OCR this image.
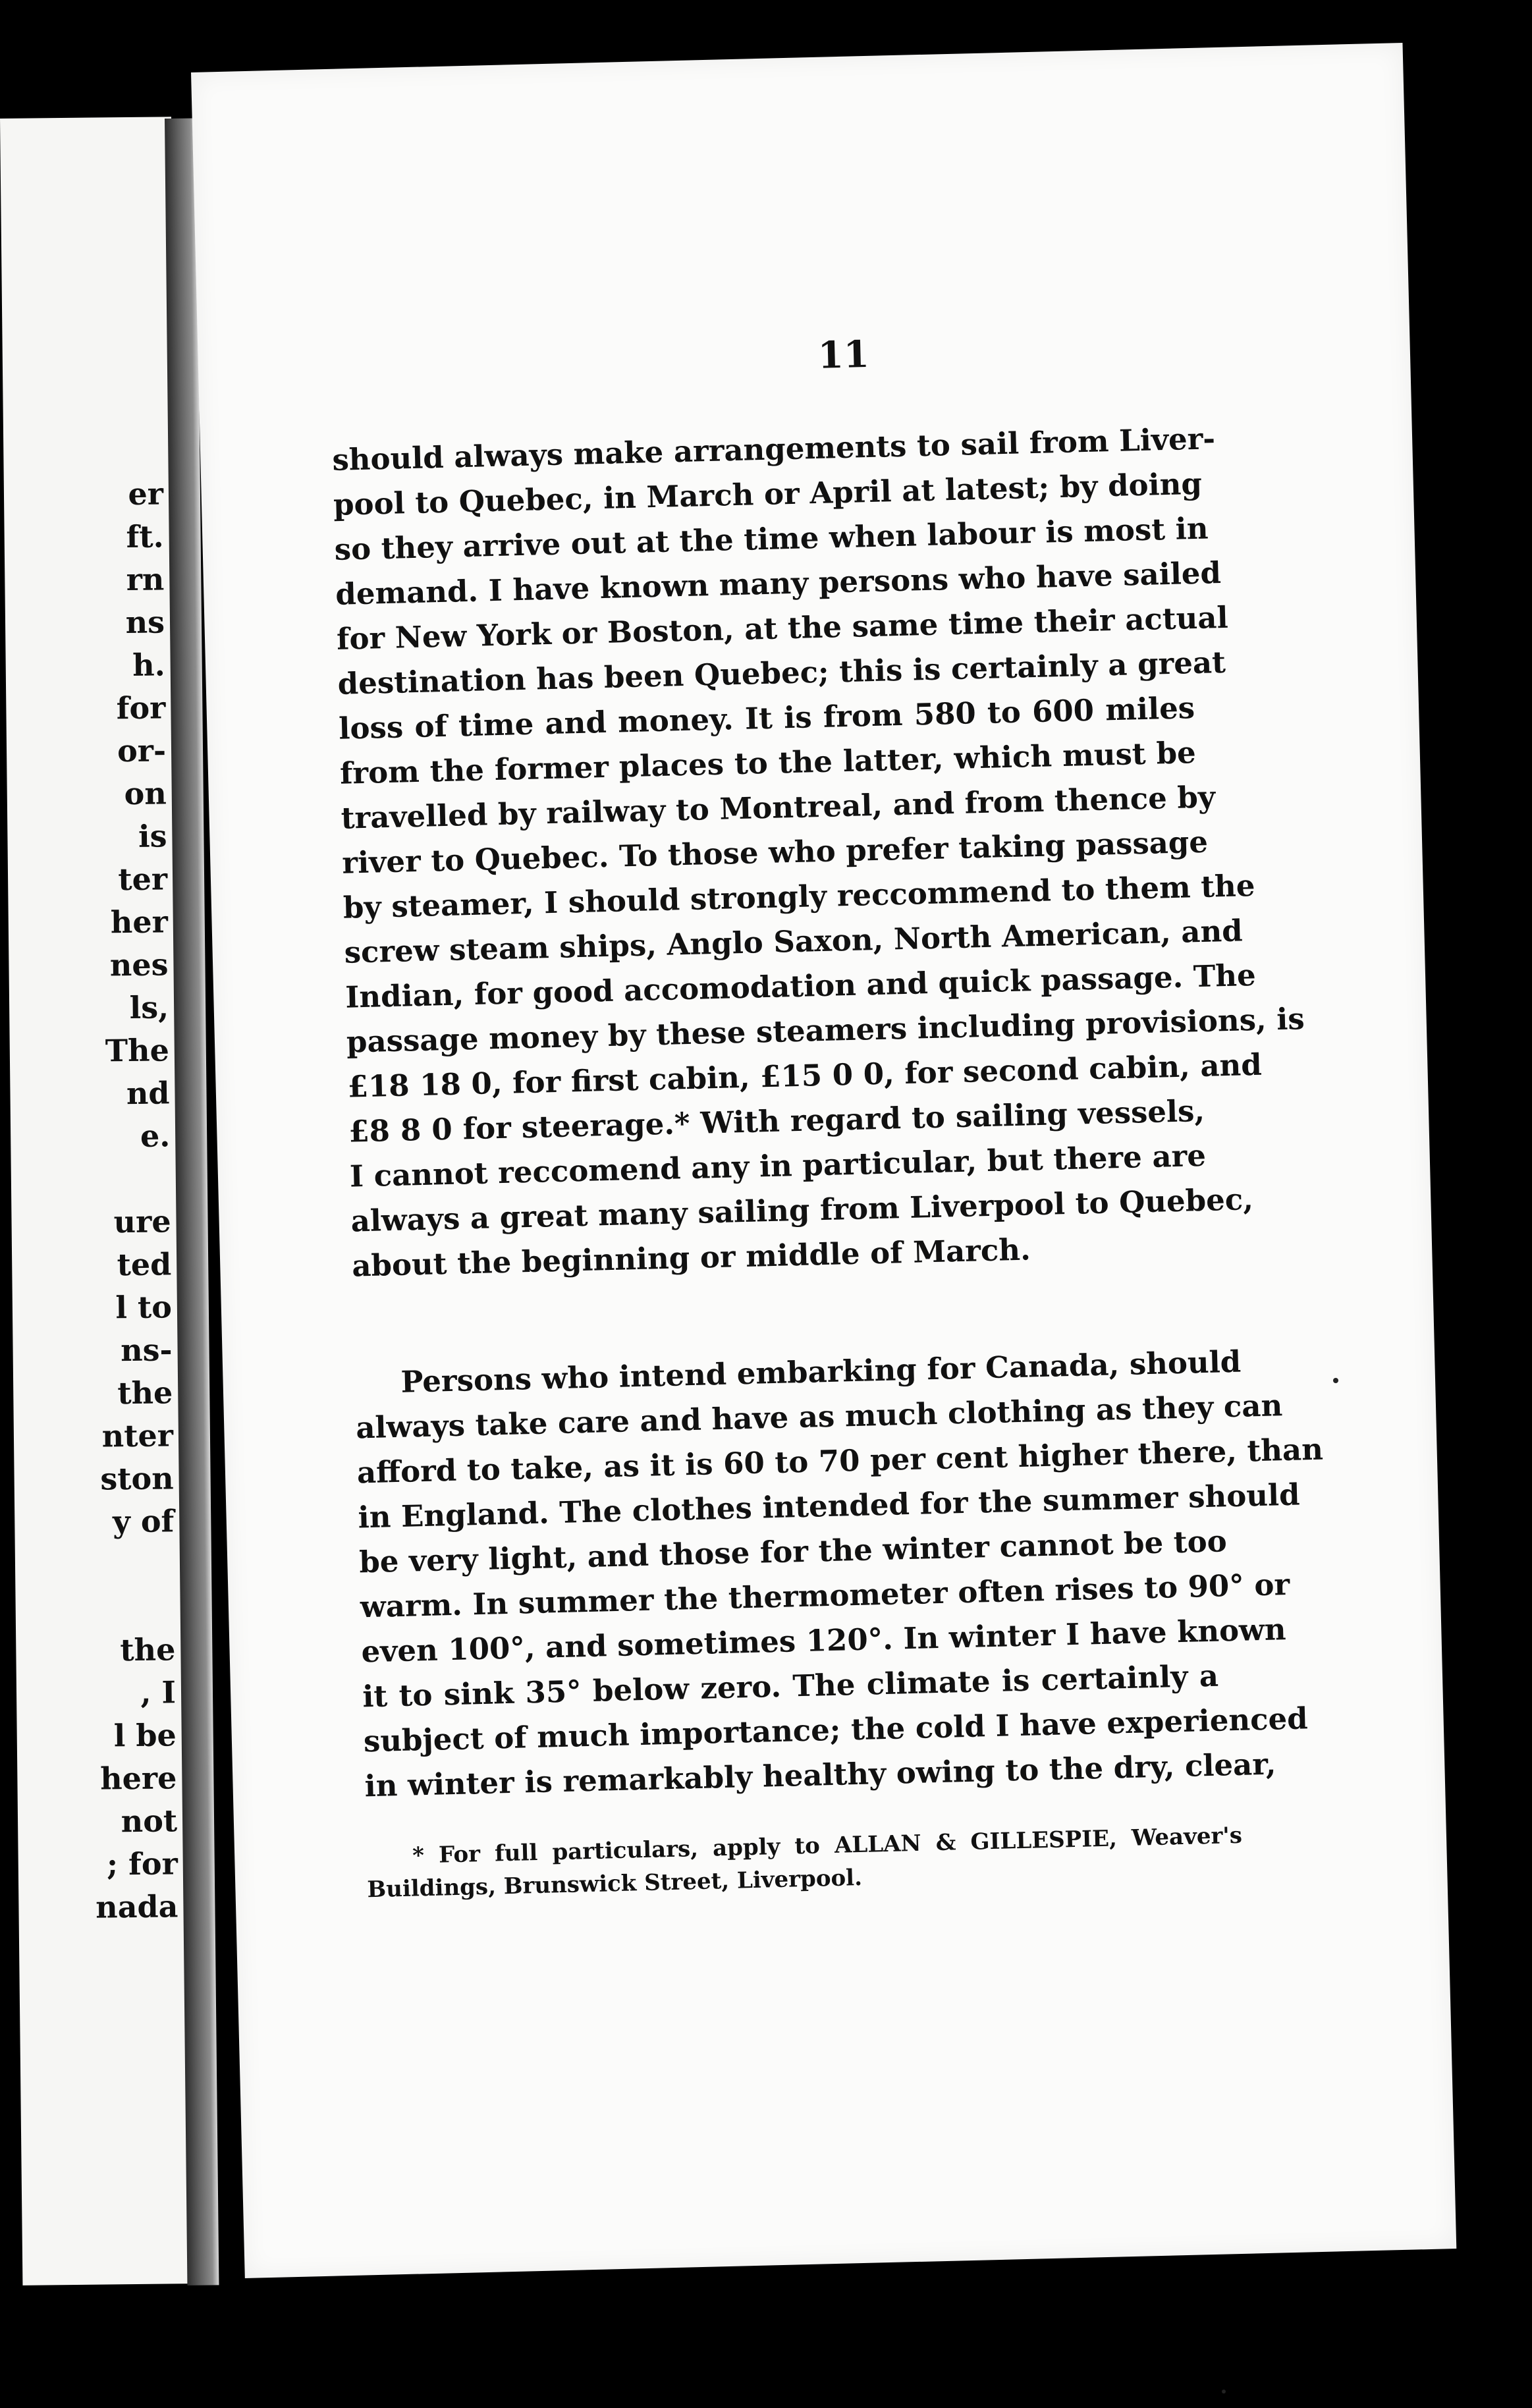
er
ft.
rn
ns
h.
for
or-
on
is
ter
her
nes
ls,
The
nd
e.
ure
ted
l to
ns-
the
nter
ston
y of
the
, I
l be
here
not
; for
nada
11
should always make arrangements to sail from Liver-
pool to Quebec, in March or April at latest; by doing
so they arrive out at the time when labour is most in
demand. I have known many persons who have sailed
for New York or Boston, at the same time their actual
destination has been Quebec; this is certainly a great
loss of time and money. It is from 580 to 600 miles
from the former places to the latter, which must be
travelled by railway to Montreal, and from thence by
river to Quebec. To those who prefer taking passage
by steamer, I should strongly reccommend to them the
screw steam ships, Anglo Saxon, North American, and
Indian, for good accomodation and quick passage. The
passage money by these steamers including provisions, is
£18 18 0, for first cabin, £15 0 0, for second cabin, and
£8 8 0 for steerage.* With regard to sailing vessels,
I cannot reccomend any in particular, but there are
always a great many sailing from Liverpool to Quebec,
about the beginning or middle of March.
Persons who intend embarking for Canada, should
always take care and have as much clothing as they can
afford to take, as it is 60 to 70 per cent higher there, than
in England. The clothes intended for the summer should
be very light, and those for the winter cannot be too
warm. In summer the thermometer often rises to 90° or
even 100°, and sometimes 120°. In winter I have known
it to sink 35° below zero. The climate is certainly a
subject of much importance; the cold I have experienced
in winter is remarkably healthy owing to the dry, clear,
* For full particulars, apply to ALLAN & GILLESPIE, Weaver's
Buildings, Brunswick Street, Liverpool.
